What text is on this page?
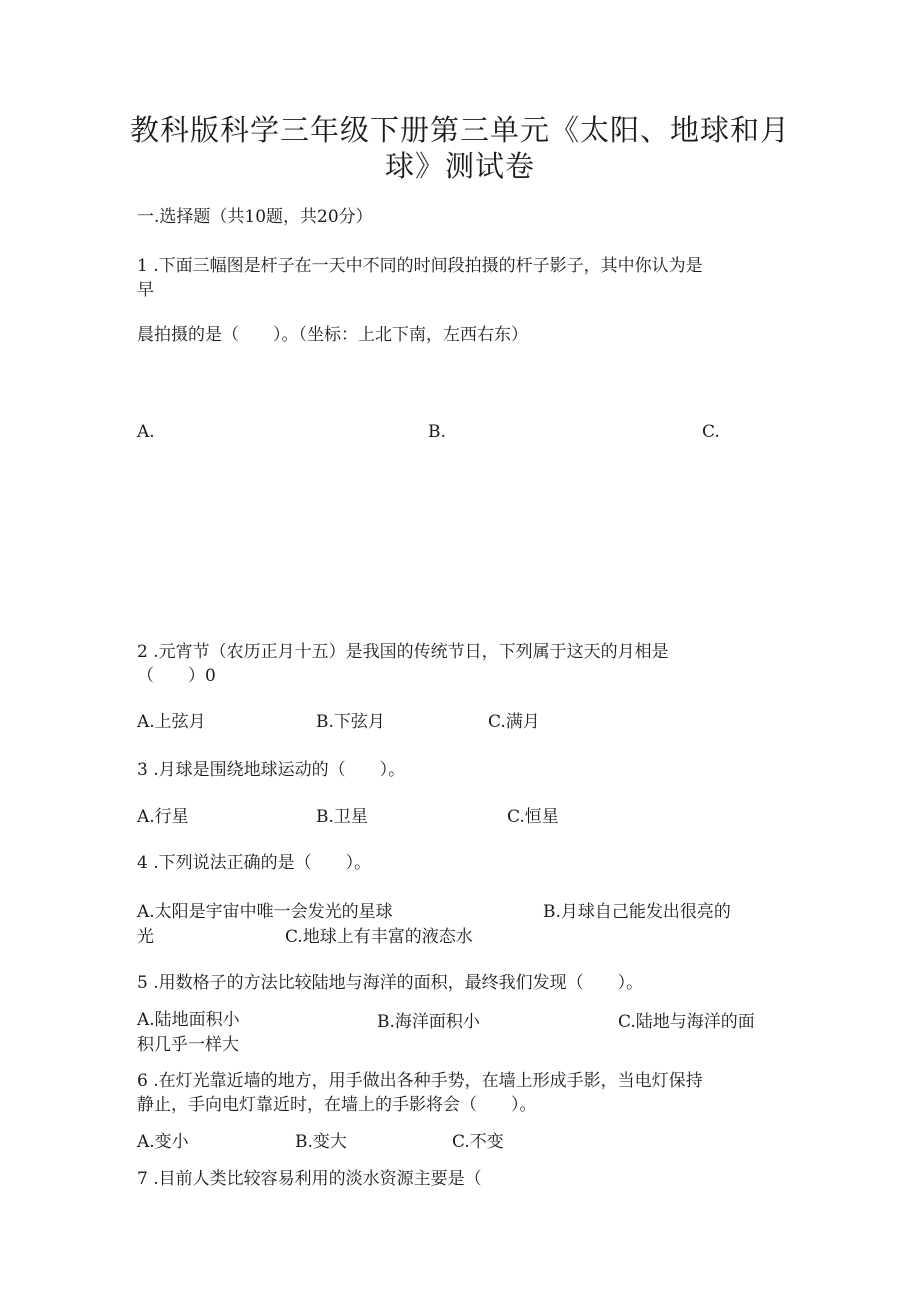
教科版科学三年级下册第三单元《太阳、地球和月
球》测试卷
一.选择题（共10题，共20分）
1 .下面三幅图是杆子在一天中不同的时间段拍摄的杆子影子，其中你认为是
早
晨拍摄的是（　　）。（坐标：上北下南，左西右东）
A.	B.	C.
2 .元宵节（农历正月十五）是我国的传统节日，下列属于这天的月相是
（　　）0
A.上弦月	B.下弦月	C.满月
3 .月球是围绕地球运动的（　　）。
A.行星	B.卫星	C.恒星
4 .下列说法正确的是（　　）。
A.太阳是宇宙中唯一会发光的星球	B.月球自己能发出很亮的
光	C.地球上有丰富的液态水
5 .用数格子的方法比较陆地与海洋的面积，最终我们发现（　　）。
A.陆地面积小	B.海洋面积小	C.陆地与海洋的面
积几乎一样大
6 .在灯光靠近墙的地方，用手做出各种手势，在墙上形成手影，当电灯保持
静止，手向电灯靠近时，在墙上的手影将会（　　）。
A.变小	B.变大	C.不变
7 .目前人类比较容易利用的淡水资源主要是（
